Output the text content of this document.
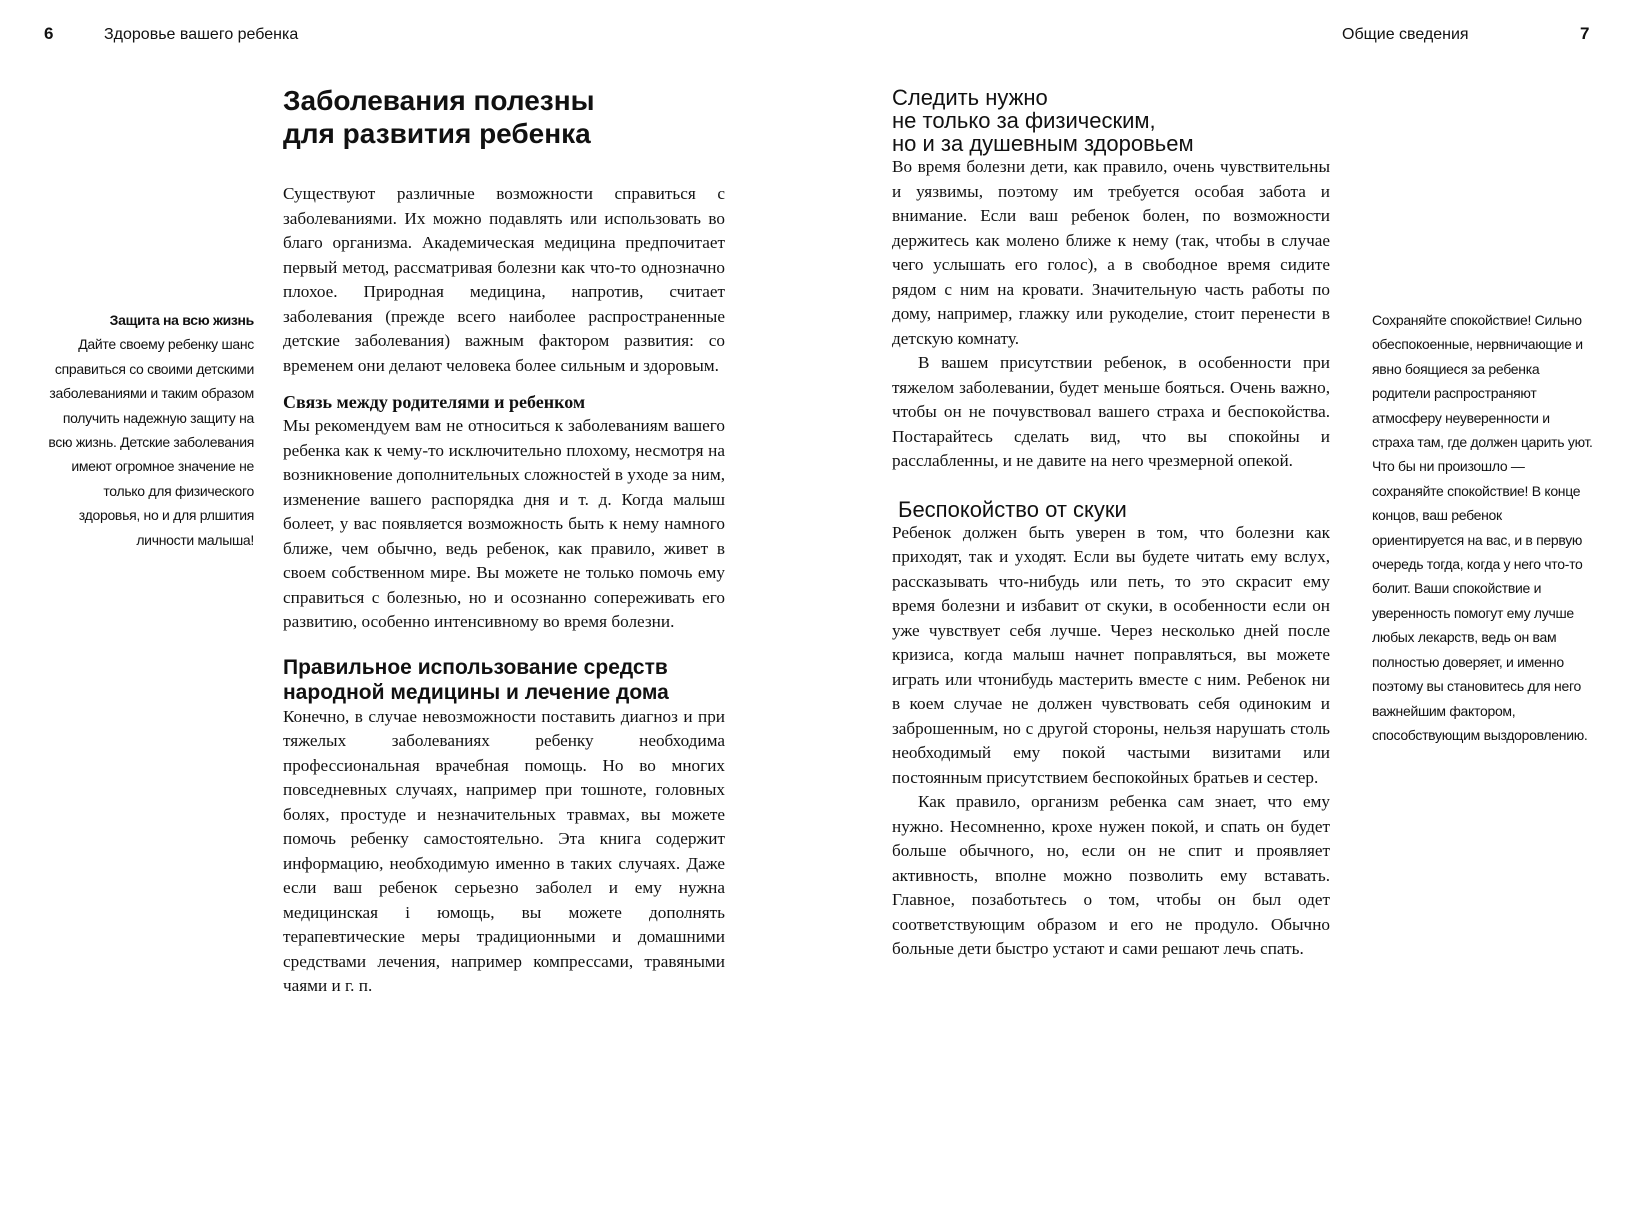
6	Здоровье вашего ребенка
Заболевания полезны
для развития ребенка

Существуют различные возможности справиться с заболеваниями. Их можно подавлять или использовать во благо организма. Академическая медицина предпочитает первый метод, рассматривая болезни как что-то однозначно плохое. Природная медицина, напротив, считает заболевания (прежде всего наиболее распространенные детские заболевания) важным фактором развития: со временем они делают человека более сильным и здоровым.

Связь между родителями и ребенком

Мы рекомендуем вам не относиться к заболеваниям вашего ребенка как к чему-то исключительно плохому, несмотря на возникновение дополнительных сложностей в уходе за ним, изменение вашего распорядка дня и т. д. Когда малыш болеет, у вас появляется возможность быть к нему намного ближе, чем обычно, ведь ребенок, как правило, живет в своем собственном мире. Вы можете не только помочь ему справиться с болезнью, но и осознанно сопереживать его развитию, особенно интенсивному во время болезни.

Правильное использование средств
народной медицины и лечение дома

Конечно, в случае невозможности поставить диагноз и при тяжелых заболеваниях ребенку необходима профессиональная врачебная помощь. Но во многих повседневных случаях, например при тошноте, головных болях, простуде и незначительных травмах, вы можете помочь ребенку самостоятельно. Эта книга содержит информацию, необходимую именно в таких случаях. Даже если ваш ребенок серьезно заболел и ему нужна медицинская і юмощь, вы можете дополнять терапевтические меры традиционными и домашними средствами лечения, например компрессами, травяными чаями и г. п.

Защита на всю жизнь
Дайте своему ребенку шанс справиться со своими детскими заболеваниями и таким образом получить надежную защиту на всю жизнь. Детские заболевания имеют огромное значение не только для физического здоровья, но и для рлшития личности малыша!
Общие сведения	7
Следить нужно
не только за физическим,
но и за душевным здоровьем

Во время болезни дети, как правило, очень чувствительны и уязвимы, поэтому им требуется особая забота и внимание. Если ваш ребенок болен, по возможности держитесь как молено ближе к нему (так, чтобы в случае чего услышать его голос), а в свободное время сидите рядом с ним на кровати. Значительную часть работы по дому, например, глажку или рукоделие, стоит перенести в детскую комнату.

В вашем присутствии ребенок, в особенности при тяжелом заболевании, будет меньше бояться. Очень важно, чтобы он не почувствовал вашего страха и беспокойства. Постарайтесь сделать вид, что вы спокойны и расслабленны, и не давите на него чрезмерной опекой.

Беспокойство от скуки

Ребенок должен быть уверен в том, что болезни как приходят, так и уходят. Если вы будете читать ему вслух, рассказывать что-нибудь или петь, то это скрасит ему время болезни и избавит от скуки, в особенности если он уже чувствует себя лучше. Через несколько дней после кризиса, когда малыш начнет поправляться, вы можете играть или чтонибудь мастерить вместе с ним. Ребенок ни в коем случае не должен чувствовать себя одиноким и заброшенным, но с другой стороны, нельзя нарушать столь необходимый ему покой частыми визитами или постоянным присутствием беспокойных братьев и сестер.

Как правило, организм ребенка сам знает, что ему нужно. Несомненно, крохе нужен покой, и спать он будет больше обычного, но, если он не спит и проявляет активность, вполне можно позволить ему вставать. Главное, позаботьтесь о том, чтобы он был одет соответствующим образом и его не продуло. Обычно больные дети быстро устают и сами решают лечь спать.

Сохраняйте спокойствие! Сильно обеспокоенные, нервничающие и явно боящиеся за ребенка родители распространяют атмосферу неуверенности и страха там, где должен царить уют. Что бы ни произошло — сохраняйте спокойствие! В конце концов, ваш ребенок ориентируется на вас, и в первую очередь тогда, когда у него что-то болит. Ваши спокойствие и уверенность помогут ему лучше любых лекарств, ведь он вам полностью доверяет, и именно поэтому вы становитесь для него важнейшим фактором, способствующим выздоровлению.
